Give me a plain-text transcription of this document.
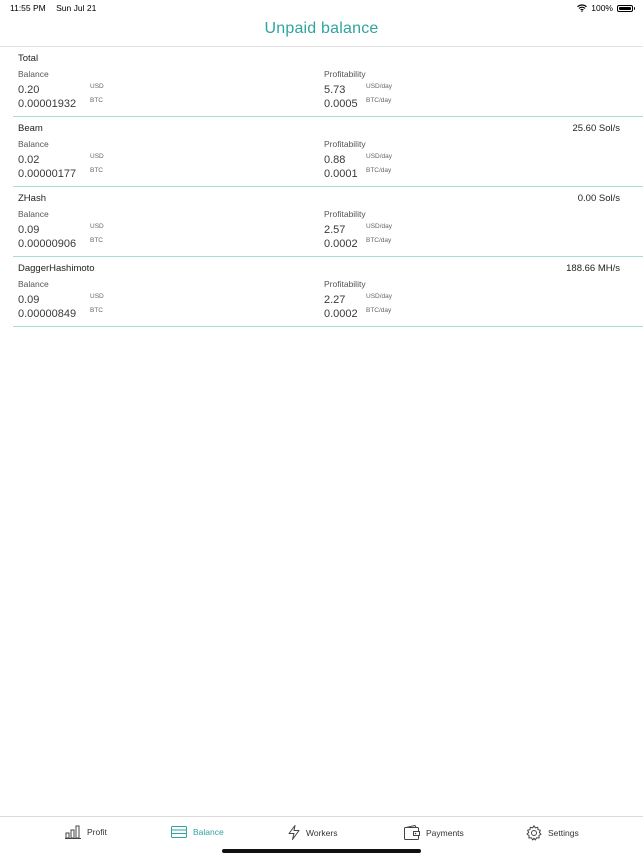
11:55 PM Sun Jul 21	100%
Unpaid balance
Total
Balance
0.20	USD
0.00001932 BTC
Profitability
5.73	USD/day
0.0005 BTC/day
Beam	25.60 Sol/s
Balance
0.02	USD
0.00000177 BTC
Profitability
0.88	USD/day
0.0001 BTC/day
ZHash	0.00 Sol/s
Balance
0.09	USD
0.00000906 BTC
Profitability
2.57	USD/day
0.0002 BTC/day
DaggerHashimoto	188.66 MH/s
Balance
0.09	USD
0.00000849 BTC
Profitability
2.27	USD/day
0.0002 BTC/day
Profit	Balance	Workers	Payments	Settings
